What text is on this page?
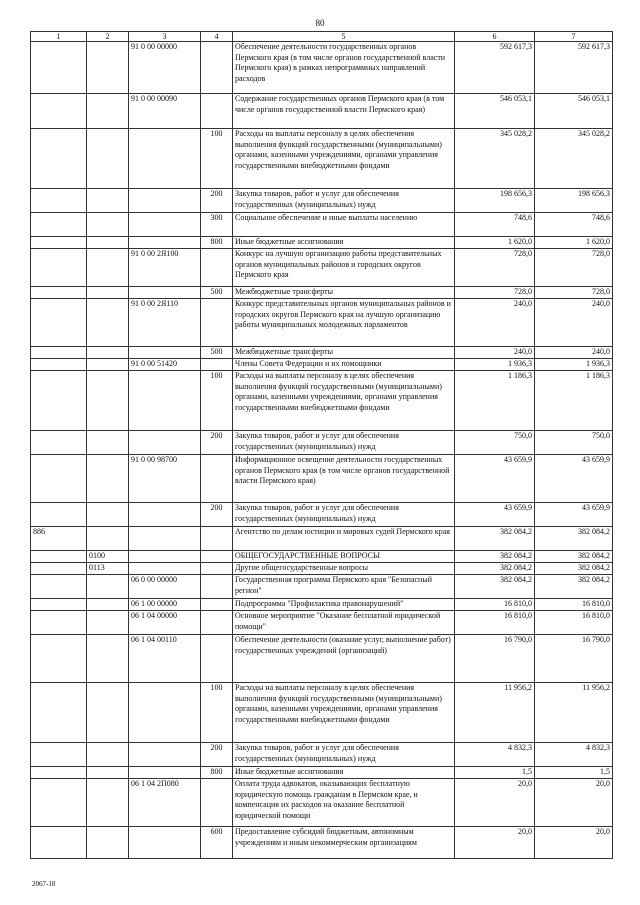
80
1	2	3	4	5	6	7
		91 0 00 00000		Обеспечение деятельности государственных органов Пермского края (в том числе органов государственной власти Пермского края) в рамках непрограммных направлений расходов	592 617,3	592 617,3
		91 0 00 00090		Содержание государственных органов Пермского края (в том числе органов государственной власти Пермского края)	546 053,1	546 053,1
			100	Расходы на выплаты персоналу в целях обеспечения выполнения функций государственными (муниципальными) органами, казенными учреждениями, органами управления государственными внебюджетными фондами	345 028,2	345 028,2
			200	Закупка товаров, работ и услуг для обеспечения государственных (муниципальных) нужд	198 656,3	198 656,3
			300	Социальное обеспечение и иные выплаты населению	748,6	748,6
			800	Иные бюджетные ассигнования	1 620,0	1 620,0
		91 0 00 2Я100		Конкурс на лучшую организацию работы представительных органов муниципальных районов и городских округов Пермского края	728,0	728,0
			500	Межбюджетные трансферты	728,0	728,0
		91 0 00 2Я110		Конкурс представительных органов муниципальных районов и городских округов Пермского края на лучшую организацию работы муниципальных молодежных парламентов	240,0	240,0
			500	Межбюджетные трансферты	240,0	240,0
		91 0 00 51420		Члены Совета Федерации и их помощники	1 936,3	1 936,3
			100	Расходы на выплаты персоналу в целях обеспечения выполнения функций государственными (муниципальными) органами, казенными учреждениями, органами управления государственными внебюджетными фондами	1 186,3	1 186,3
			200	Закупка товаров, работ и услуг для обеспечения государственных (муниципальных) нужд	750,0	750,0
		91 0 00 98700		Информационное освещение деятельности государственных органов Пермского края (в том числе органов государственной власти Пермского края)	43 659,9	43 659,9
			200	Закупка товаров, работ и услуг для обеспечения государственных (муниципальных) нужд	43 659,9	43 659,9
886				Агентство по делам юстиции и мировых судей Пермского края	382 084,2	382 084,2
	0100			ОБЩЕГОСУДАРСТВЕННЫЕ ВОПРОСЫ	382 084,2	382 084,2
	0113			Другие общегосударственные вопросы	382 084,2	382 084,2
		06 0 00 00000		Государственная программа Пермского края "Безопасный регион"	382 084,2	382 084,2
		06 1 00 00000		Подпрограмма "Профилактика правонарушений"	16 810,0	16 810,0
		06 1 04 00000		Основное мероприятие "Оказание бесплатной юридической помощи"	16 810,0	16 810,0
		06 1 04 00110		Обеспечение деятельности (оказание услуг, выполнение работ) государственных учреждений (организаций)	16 790,0	16 790,0
			100	Расходы на выплаты персоналу в целях обеспечения выполнения функций государственными (муниципальными) органами, казенными учреждениями, органами управления государственными внебюджетными фондами	11 956,2	11 956,2
			200	Закупка товаров, работ и услуг для обеспечения государственных (муниципальных) нужд	4 832,3	4 832,3
			800	Иные бюджетные ассигнования	1,5	1,5
		06 1 04 2П080		Оплата труда адвокатов, оказывающих бесплатную юридическую помощь гражданам в Пермском крае, и компенсация их расходов на оказание бесплатной юридической помощи	20,0	20,0
			600	Предоставление субсидий бюджетным, автономным учреждениям и иным некоммерческим организациям	20,0	20,0
2067-18
